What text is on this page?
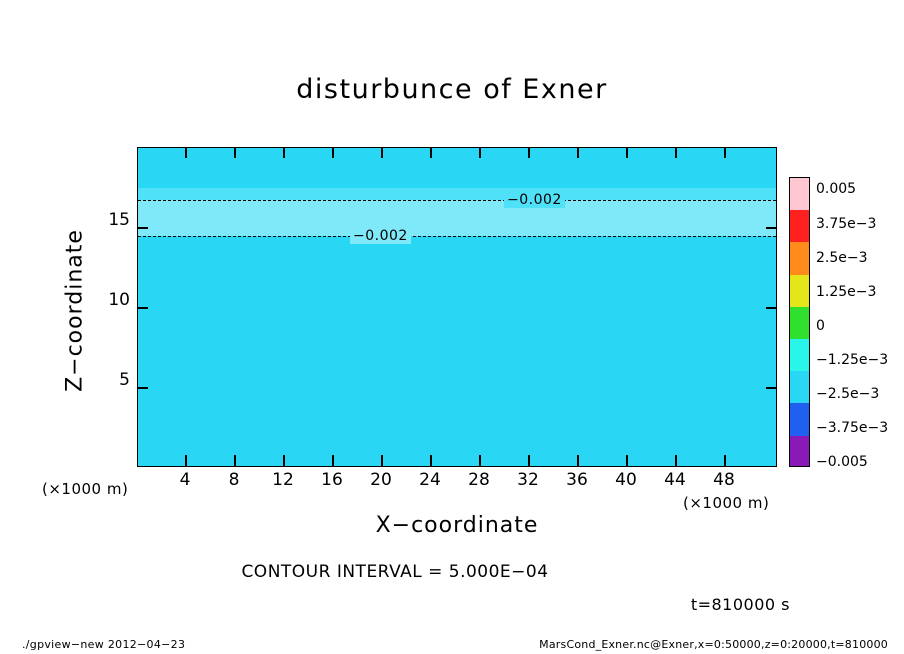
disturbunce of Exner
−0.002
−0.002
4 8 12 16 20 24 28 32 36 40 44 48
5
10
15
X−coordinate
Z−coordinate
(×1000 m)
(×1000 m)
0.005
3.75e−3
2.5e−3
1.25e−3
0
−1.25e−3
−2.5e−3
−3.75e−3
−0.005
CONTOUR INTERVAL = 5.000E−04
t=810000 s
./gpview−new 2012−04−23	MarsCond_Exner.nc@Exner,x=0:50000,z=0:20000,t=810000
